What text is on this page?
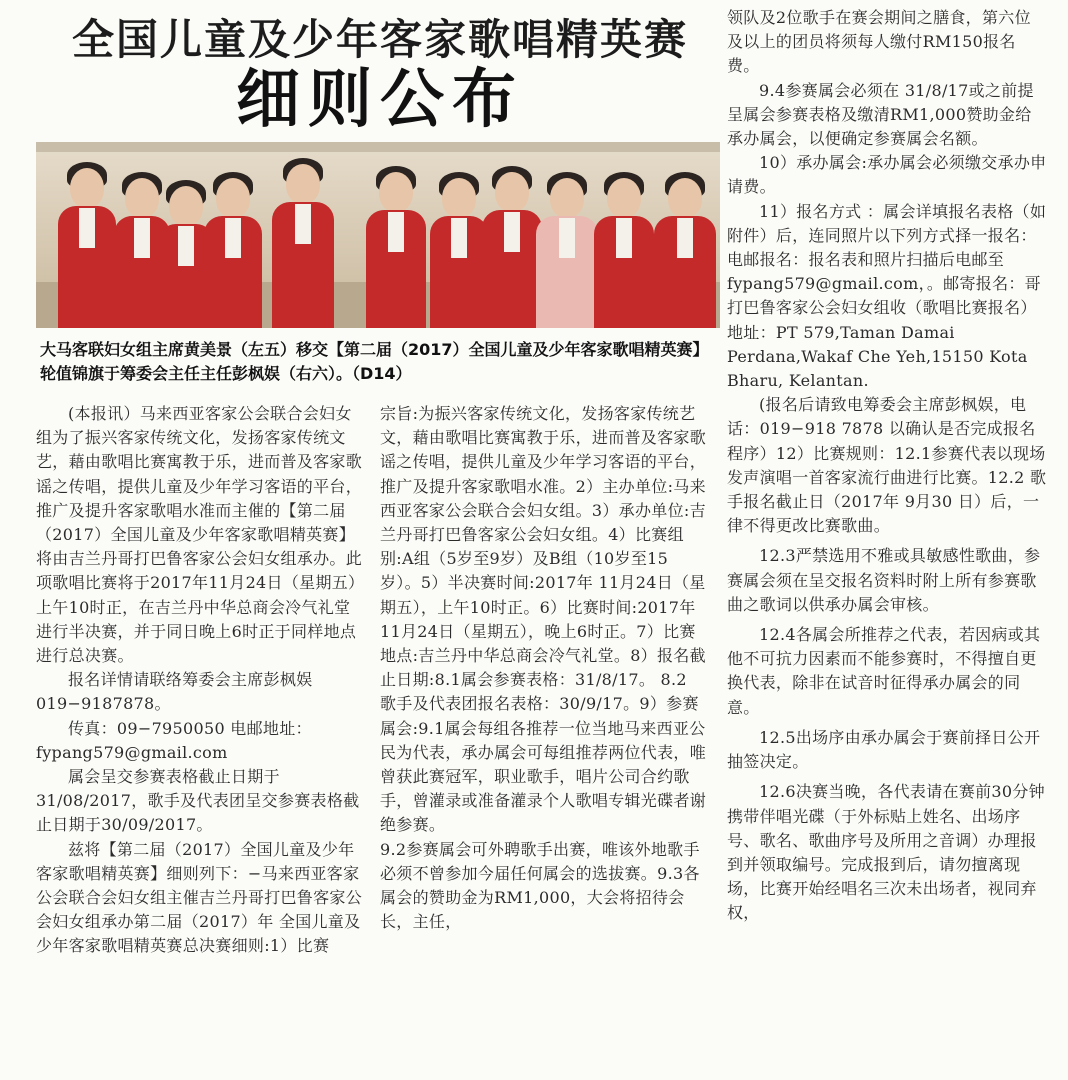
全国儿童及少年客家歌唱精英赛
细则公布

大马客联妇女组主席黄美景（左五）移交【第二届（2017）全国儿童及少年客家歌唱精英赛】轮值锦旗于筹委会主任主任彭枫娱（右六）。（D14）

(本报讯）马来西亚客家公会联合会妇女组为了振兴客家传统文化，发扬客家传统文艺，藉由歌唱比赛寓教于乐，进而普及客家歌谣之传唱，提供儿童及少年学习客语的平台，推广及提升客家歌唱水准而主催的【第二届（2017）全国儿童及少年客家歌唱精英赛】将由吉兰丹哥打巴鲁客家公会妇女组承办。此项歌唱比赛将于2017年11月24日（星期五）上午10时正，在吉兰丹中华总商会冷气礼堂进行半决赛，并于同日晚上6时正于同样地点进行总决赛。

报名详情请联络筹委会主席彭枫娱 019−9187878。

传真：09−7950050 电邮地址：fypang579@gmail.com

属会呈交参赛表格截止日期于31/08/2017，歌手及代表团呈交参赛表格截止日期于30/09/2017。

兹将【第二届（2017）全国儿童及少年客家歌唱精英赛】细则列下：−马来西亚客家公会联合会妇女组主催吉兰丹哥打巴鲁客家公会妇女组承办第二届（2017）年 全国儿童及少年客家歌唱精英赛总决赛细则:1）比赛

宗旨:为振兴客家传统文化，发扬客家传统艺文，藉由歌唱比赛寓教于乐，进而普及客家歌谣之传唱，提供儿童及少年学习客语的平台，推广及提升客家歌唱水准。2）主办单位:马来西亚客家公会联合会妇女组。3）承办单位:吉兰丹哥打巴鲁客家公会妇女组。4）比赛组别:A组（5岁至9岁）及B组（10岁至15岁）。5）半决赛时间:2017年 11月24日（星期五），上午10时正。6）比赛时间:2017年11月24日（星期五），晚上6时正。7）比赛地点:吉兰丹中华总商会冷气礼堂。8）报名截止日期:8.1属会参赛表格：31/8/17。 8.2 歌手及代表团报名表格：30/9/17。9）参赛属会:9.1属会每组各推荐一位当地马来西亚公民为代表，承办属会可每组推荐两位代表，唯曾获此赛冠军，职业歌手，唱片公司合约歌手，曾灌录或准备灌录个人歌唱专辑光碟者谢绝参赛。

9.2参赛属会可外聘歌手出赛，唯该外地歌手必须不曾参加今届任何属会的选拔赛。9.3各属会的赞助金为RM1,000，大会将招待会长，主任，

领队及2位歌手在赛会期间之膳食，第六位及以上的团员将须每人缴付RM150报名费。

9.4参赛属会必须在 31/8/17或之前提呈属会参赛表格及缴清RM1,000赞助金给承办属会，以便确定参赛属会名额。

10）承办属会:承办属会必须缴交承办申请费。

11）报名方式 ：属会详填报名表格（如附件）后，连同照片以下列方式择一报名：电邮报名：报名表和照片扫描后电邮至 fypang579@gmail.com，。邮寄报名：哥打巴鲁客家公会妇女组收（歌唱比赛报名）地址：PT 579,Taman Damai Perdana,Wakaf Che Yeh,15150 Kota Bharu, Kelantan.

(报名后请致电筹委会主席彭枫娱，电话：019−918 7878 以确认是否完成报名程序）12）比赛规则：12.1参赛代表以现场发声演唱一首客家流行曲进行比赛。12.2 歌手报名截止日（2017年 9月30 日）后，一律不得更改比赛歌曲。

12.3严禁选用不雅或具敏感性歌曲，参赛属会须在呈交报名资料时附上所有参赛歌曲之歌词以供承办属会审核。

12.4各属会所推荐之代表，若因病或其他不可抗力因素而不能参赛时，不得擅自更换代表，除非在试音时征得承办属会的同意。

12.5出场序由承办属会于赛前择日公开抽签决定。

12.6决赛当晚，各代表请在赛前30分钟携带伴唱光碟（于外标贴上姓名、出场序号、歌名、歌曲序号及所用之音调）办理报到并领取编号。完成报到后，请勿擅离现场，比赛开始经唱名三次未出场者，视同弃权，
